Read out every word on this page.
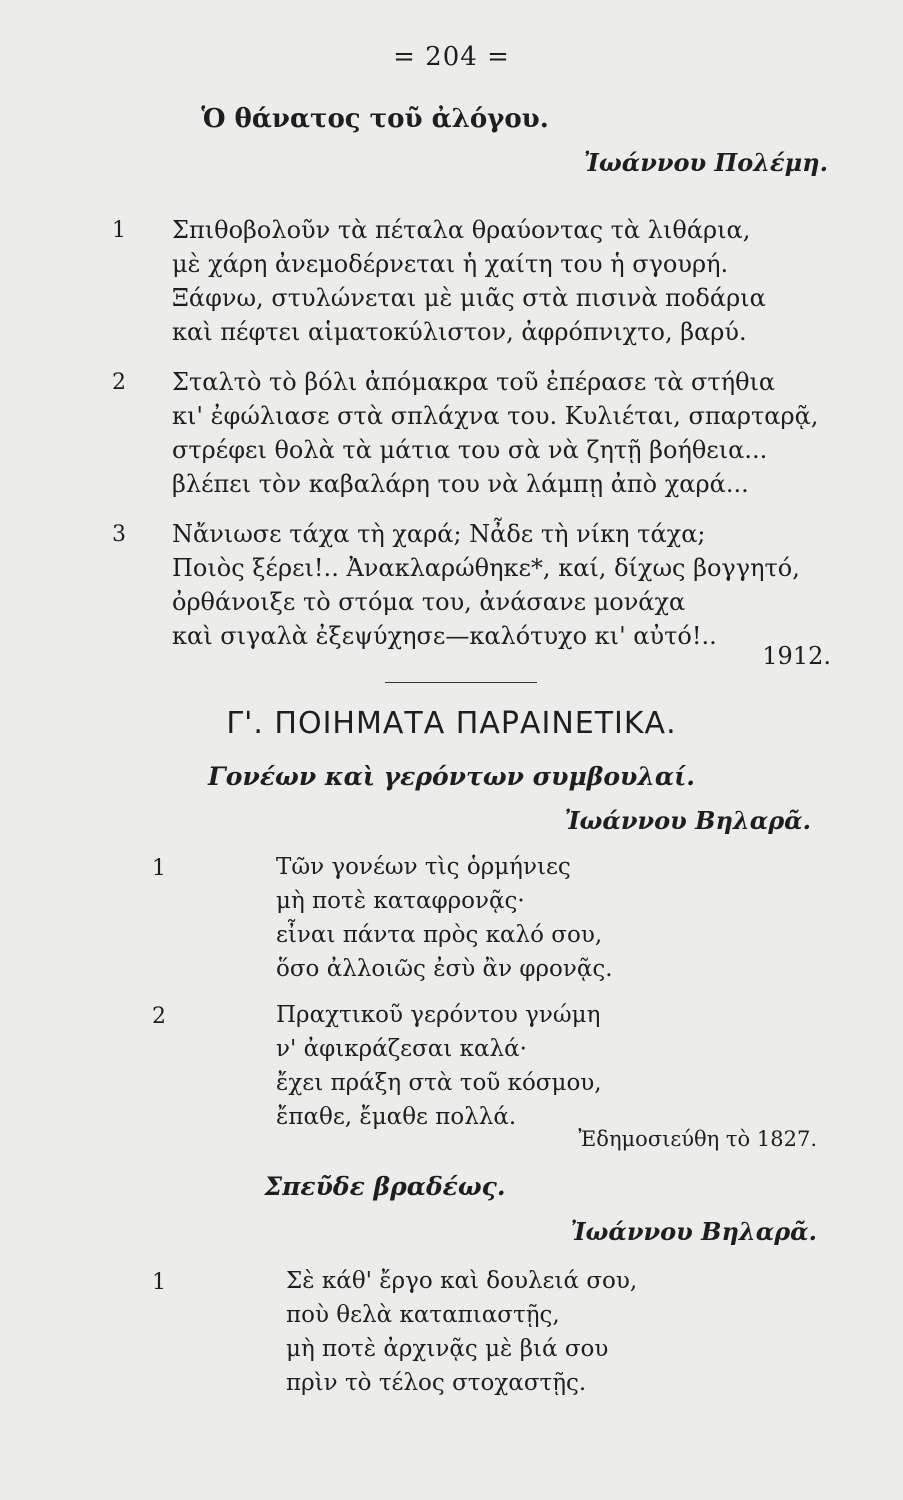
= 204 =
Ὁ θάνατος τοῦ ἀλόγου.
Ἰωάννου Πολέμη.
1 Σπιθοβολοῦν τὰ πέταλα θραύοντας τὰ λιθάρια,
μὲ χάρη ἀνεμοδέρνεται ἡ χαίτη του ἡ σγουρή.
Ξάφνω, στυλώνεται μὲ μιᾶς στὰ πισινὰ ποδάρια
καὶ πέφτει αἱματοκύλιστον, ἀφρόπνιχτο, βαρύ.
2 Σταλτὸ τὸ βόλι ἀπόμακρα τοῦ ἐπέρασε τὰ στήθια
κι' ἐφώλιασε στὰ σπλάχνα του. Κυλιέται, σπαρταρᾷ,
στρέφει θολὰ τὰ μάτια του σὰ νὰ ζητῇ βοήθεια...
βλέπει τὸν καβαλάρη του νὰ λάμπῃ ἀπὸ χαρά...
3 Νἄνιωσε τάχα τὴ χαρά; Νἆδε τὴ νίκη τάχα;
Ποιὸς ξέρει!.. Ἀνακλαρώθηκε*, καί, δίχως βογγητό,
ὀρθάνοιξε τὸ στόμα του, ἀνάσανε μονάχα
καὶ σιγαλὰ ἐξεψύχησε—καλότυχο κι' αὐτό!..
1912.
Γ'. ΠΟΙΗΜΑΤΑ ΠΑΡΑΙΝΕΤΙΚΑ.
Γονέων καὶ γερόντων συμβουλαί.
Ἰωάννου Βηλαρᾶ.
1	Τῶν γονέων τὶς ὁρμήνιες
μὴ ποτὲ καταφρονᾷς·
εἶναι πάντα πρὸς καλό σου,
ὅσο ἀλλοιῶς ἐσὺ ἂν φρονᾷς.
2	Πραχτικοῦ γερόντου γνώμη
ν' ἀφικράζεσαι καλά·
ἔχει πράξη στὰ τοῦ κόσμου,
ἔπαθε, ἔμαθε πολλά.
Ἐδημοσιεύθη τὸ 1827.
Σπεῦδε βραδέως.
Ἰωάννου Βηλαρᾶ.
1	Σὲ κάθ' ἔργο καὶ δουλειά σου,
ποὺ θελὰ καταπιαστῇς,
μὴ ποτὲ ἀρχινᾷς μὲ βιά σου
πρὶν τὸ τέλος στοχαστῇς.
